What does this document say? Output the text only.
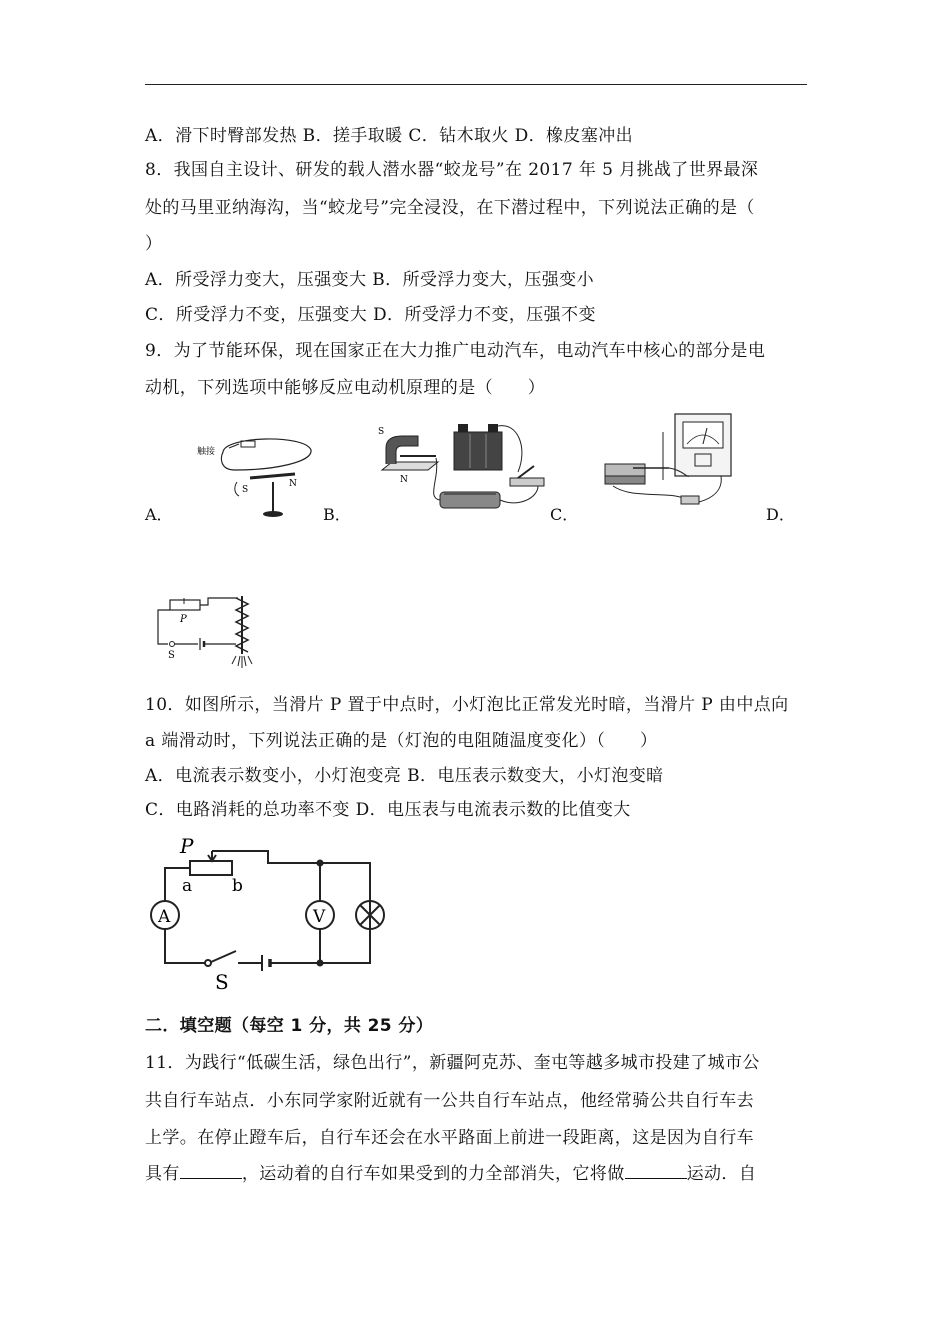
A．滑下时臀部发热 B．搓手取暖 C．钻木取火 D．橡皮塞冲出
8．我国自主设计、研发的载人潜水器“蛟龙号”在 2017 年 5 月挑战了世界最深
处的马里亚纳海沟，当“蛟龙号”完全浸没，在下潜过程中，下列说法正确的是（
）
A．所受浮力变大，压强变大 B．所受浮力变大，压强变小
C．所受浮力不变，压强变大 D．所受浮力不变，压强不变
9．为了节能环保，现在国家正在大力推广电动汽车，电动汽车中核心的部分是电
动机，下列选项中能够反应电动机原理的是（　　）
触接
S
N
S
N
A．	B．	C．	D．
P
S
10．如图所示，当滑片 P 置于中点时，小灯泡比正常发光时暗，当滑片 P 由中点向
a 端滑动时，下列说法正确的是（灯泡的电阻随温度变化）（　　）
A．电流表示数变小，小灯泡变亮 B．电压表示数变大，小灯泡变暗
C．电路消耗的总功率不变 D．电压表与电流表示数的比值变大
P
a b
S
A	V
二．填空题（每空 1 分，共 25 分）
11．为践行“低碳生活，绿色出行”，新疆阿克苏、奎屯等越多城市投建了城市公
共自行车站点．小东同学家附近就有一公共自行车站点，他经常骑公共自行车去
上学。在停止蹬车后，自行车还会在水平路面上前进一段距离，这是因为自行车
具有	，运动着的自行车如果受到的力全部消失，它将做	运动．自
